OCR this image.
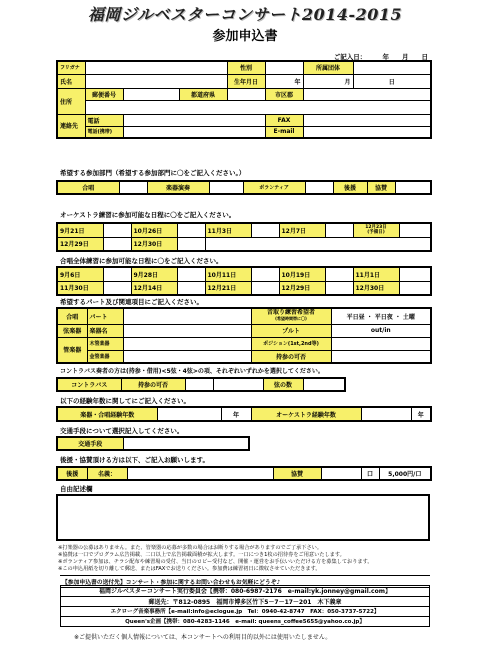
福岡ジルベスターコンサート2014-2015
参加申込書
ご記入日：　　　	年　　 月　　 日
フリガナ				性別		所属団体	
氏名				生年月日	年	月	日
住所	郵便番号		都道府県		市区郡		

連絡先	電話				FAX		
	電話(携帯)				E-mail		
希望する参加部門（希望する参加部門に〇をご記入ください。）
合唱		楽器演奏		ボランティア		後援	協賛	
オーケストラ練習に参加可能な日程に〇をご記入ください。
9月21日		10月26日		11月3日		12月7日		12月23日
(予備日)	

12月29日		12月30日							
合唱全体練習に参加可能な日程に〇をご記入ください。
9月6日		9月28日		10月11日		10月19日		11月1日	
11月30日		12月14日		12月21日		12月29日		12月30日	
希望するパート及び関連項目にご記入ください。
合唱	パート		音取り練習希望者
(希望時間帯に〇)	平日昼 ・ 平日夜 ・ 土曜
弦楽器	楽器名		プルト	out/in
管楽器	木管楽器		ポジション(1st,2nd等)	
	金管楽器		持参の可否	
コントラバス奏者の方は(持参・借用)<5弦・4弦>の項、それぞれいずれかを選択してください。
コントラバス	持参の可否			弦の数	
以下の経験年数に関してにご記入ください。
楽器・合唱経験年数		年	オーケストラ経験年数		年
交通手段について選択記入してください。
交通手段	
後援・協賛頂ける方は以下、ご記入お願いします。
後援	名義：		協賛		口	5,000円/口
自由記述欄
※打楽器の公募はありません。また、管楽器の応募が多数の場合はお断りする場合がありますのでご了承下さい。
※協賛は一口でプログラム広告掲載、二口以上で広告掲載面積が拡大します。一口につき1枚の招待券をご用意いたします。
※ボランティア参加は、チラシ配布や練習場の受付、当日のロビー受付など、開催・運営をお手伝いいただける方を募集しております。
※この申込用紙を切り離して郵送、またはFAXでお送りください。参加費は練習初日に徴収させていただきます。
【参加申込書の送付先】コンサート・参加に関するお問い合わせもお気軽にどうぞ♪
福岡ジルベスターコンサート実行委員会【携帯：080-6987-2176　e-mail:yk.jonney@gmail.com】
郵送先：〒812-0895　福岡市博多区竹下5－7－17－201　木下義章
エクローグ音楽事務所【e-mail:info@eclogue.jp　Tel：0940-42-8747　FAX：050-3737-5722】
Queen's企画【携帯：080-4283-1146　e-mail: queens_coffee5655@yahoo.co.jp】
※ご提供いただく個人情報については、本コンサートへの利用目的以外には使用いたしません。
